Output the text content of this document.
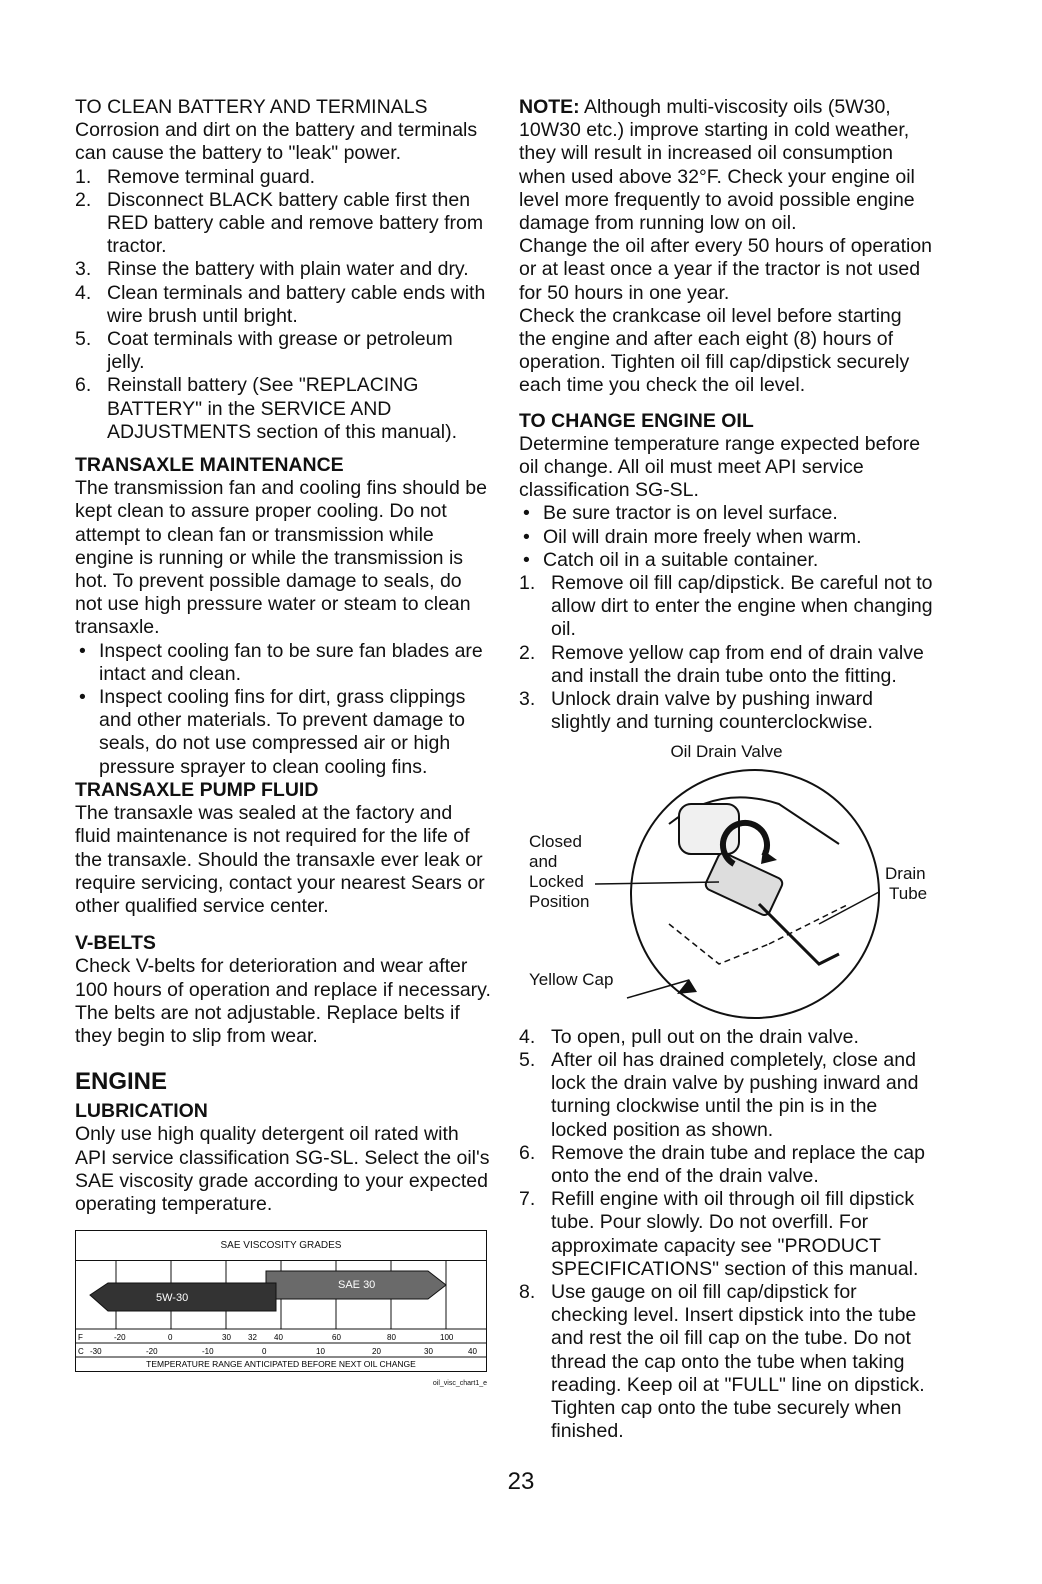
TO CLEAN BATTERY AND TERMINALS

Corrosion and dirt on the battery and terminals can cause the battery to "leak" power.

1. Remove terminal guard.
2. Disconnect BLACK battery cable first then RED battery cable and remove battery from tractor.
3. Rinse the battery with plain water and dry.
4. Clean terminals and battery cable ends with wire brush until bright.
5. Coat terminals with grease or petroleum jelly.
6. Reinstall battery (See "REPLACING BATTERY" in the SERVICE AND ADJUSTMENTS section of this manual).
TRANSAXLE MAINTENANCE

The transmission fan and cooling fins should be kept clean to assure proper cooling. Do not attempt to clean fan or transmission while engine is running or while the transmission is hot. To prevent possible damage to seals, do not use high pressure water or steam to clean transaxle.

• Inspect cooling fan to be sure fan blades are intact and clean.
• Inspect cooling fins for dirt, grass clippings and other materials. To prevent damage to seals, do not use compressed air or high pressure sprayer to clean cooling fins.
TRANSAXLE PUMP FLUID

The transaxle was sealed at the factory and fluid maintenance is not required for the life of the transaxle. Should the transaxle ever leak or require servicing, contact your nearest Sears or other qualified service center.

V-BELTS

Check V-belts for deterioration and wear after 100 hours of operation and replace if necessary. The belts are not adjustable. Replace belts if they begin to slip from wear.

ENGINE
LUBRICATION

Only use high quality detergent oil rated with API service classification SG-SL. Select the oil's SAE viscosity grade according to your expected operating temperature.

SAE VISCOSITY GRADES
5W-30
SAE 30
F	-20	0	30 32 40	60	80	100
C -30	-20	-10	0	10	20	30	40
TEMPERATURE RANGE ANTICIPATED BEFORE NEXT OIL CHANGE
oil_visc_chart1_e

NOTE: Although multi-viscosity oils (5W30, 10W30 etc.) improve starting in cold weather, they will result in increased oil consumption when used above 32°F. Check your engine oil level more frequently to avoid possible engine damage from running low on oil.

Change the oil after every 50 hours of operation or at least once a year if the tractor is not used for 50 hours in one year.

Check the crankcase oil level before starting the engine and after each eight (8) hours of operation. Tighten oil fill cap/dipstick securely each time you check the oil level.

TO CHANGE ENGINE OIL

Determine temperature range expected before oil change. All oil must meet API service classification SG-SL.

• Be sure tractor is on level surface.
• Oil will drain more freely when warm.
• Catch oil in a suitable container.
1. Remove oil fill cap/dipstick. Be careful not to allow dirt to enter the engine when changing oil.
2. Remove yellow cap from end of drain valve and install the drain tube onto the fitting.
3. Unlock drain valve by pushing inward slightly and turning counterclockwise.
Oil Drain Valve
Closed
and
Locked
Position
Drain
Tube
Yellow Cap
4. To open, pull out on the drain valve.
5. After oil has drained completely, close and lock the drain valve by pushing inward and turning clockwise until the pin is in the locked position as shown.
6. Remove the drain tube and replace the cap onto the end of the drain valve.
7. Refill engine with oil through oil fill dipstick tube. Pour slowly. Do not overfill. For approximate capacity see "PRODUCT SPECIFICATIONS" section of this manual.
8. Use gauge on oil fill cap/dipstick for checking level. Insert dipstick into the tube and rest the oil fill cap on the tube. Do not thread the cap onto the tube when taking reading. Keep oil at "FULL" line on dipstick. Tighten cap onto the tube securely when finished.
23
